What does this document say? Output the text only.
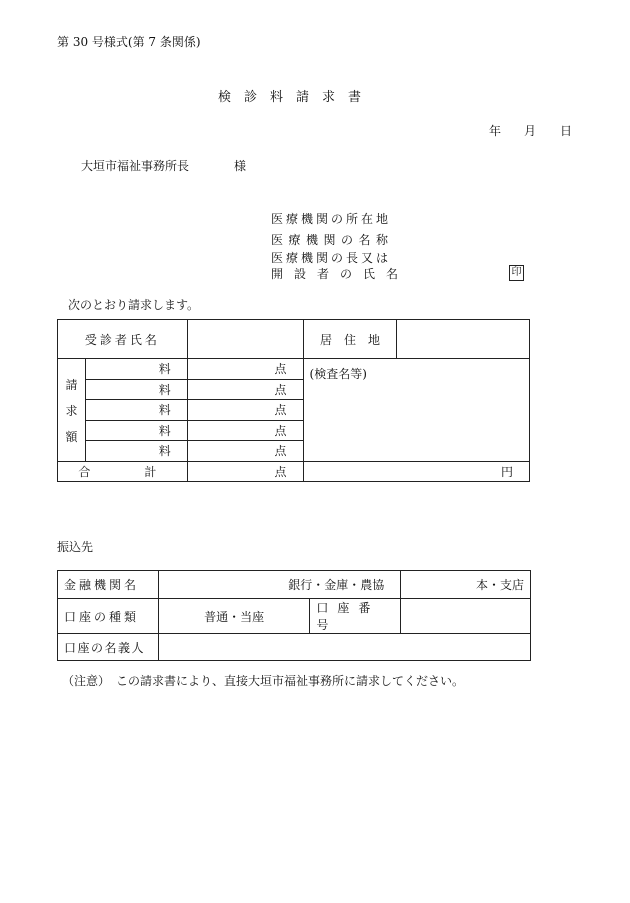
第 30 号様式(第 7 条関係)
検　診　料　請　求　書
年 月 日
大垣市福祉事務所長	様
医療機関の所在地
医療機関の名称
医療機関の長又は
開設者の氏名	印
次のとおり請求します。
受診者氏名			居　住　地	

請
求
額	料	点	(検査名等)	
	料	点		
	料	点		
	料	点		
	料	点		
合　　計		点	円	
振込先
金融機関名	銀行・金庫・農協		本・支店
口座の種類	普通・当座	口座番号	
口座の名義人			
（注意）　この請求書により、直接大垣市福祉事務所に請求してください。
